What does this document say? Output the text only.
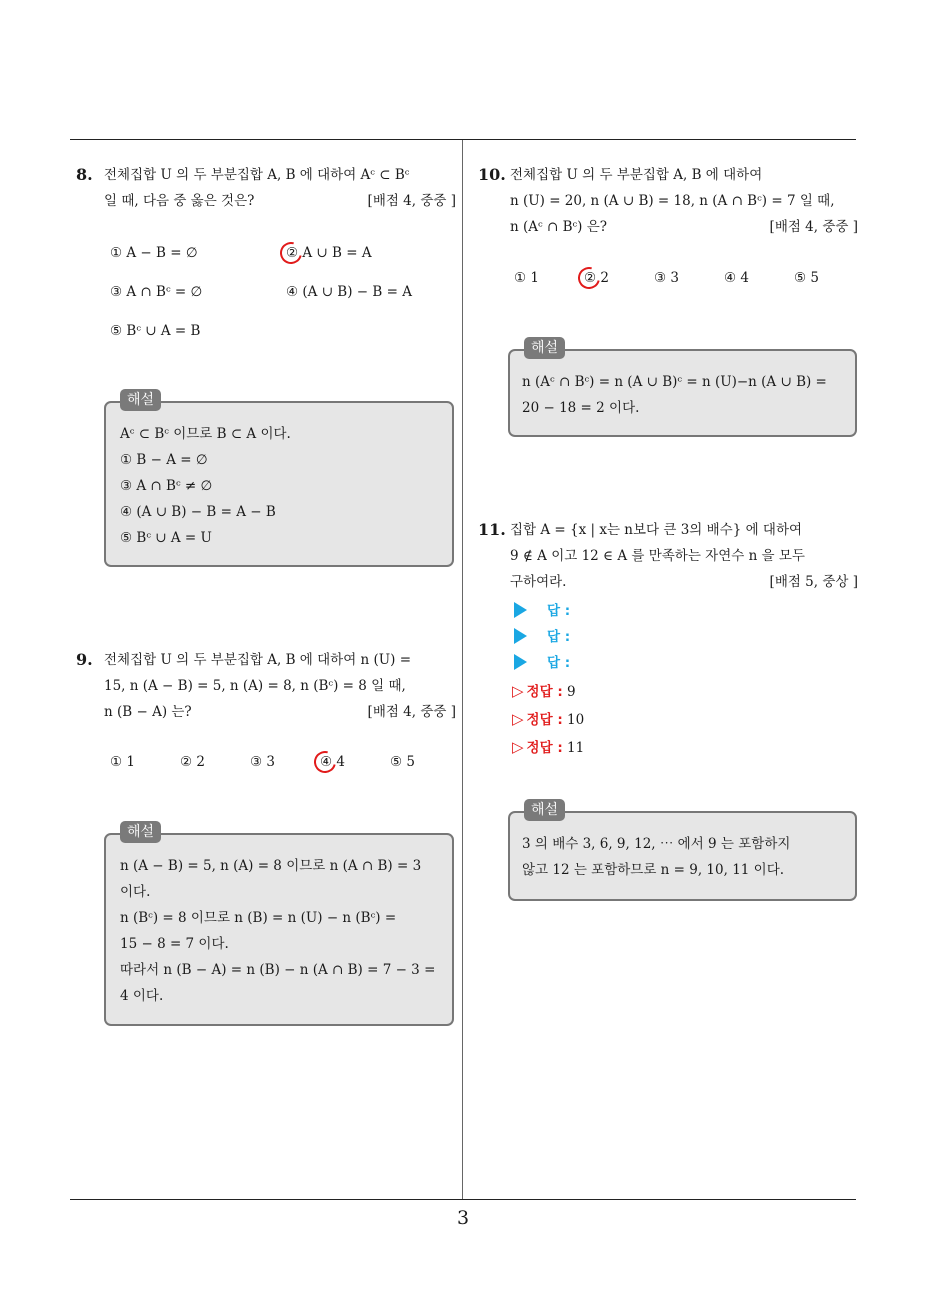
3
8. 전체집합 U 의 두 부분집합 A, B 에 대하여 Aᶜ ⊂ Bᶜ
일 때, 다음 중 옳은 것은?	[배점 4, 중중 ]
① A − B = ∅	② A ∪ B = A
③ A ∩ Bᶜ = ∅	④ (A ∪ B) − B = A
⑤ Bᶜ ∪ A = B
해설
Aᶜ ⊂ Bᶜ 이므로 B ⊂ A 이다.
① B − A = ∅
③ A ∩ Bᶜ ≠ ∅
④ (A ∪ B) − B = A − B
⑤ Bᶜ ∪ A = U
9. 전체집합 U 의 두 부분집합 A, B 에 대하여 n (U) =
15, n (A − B) = 5, n (A) = 8, n (Bᶜ) = 8 일 때,
n (B − A) 는?	[배점 4, 중중 ]
① 1	② 2	③ 3	④ 4	⑤ 5
해설
n (A − B) = 5, n (A) = 8 이므로 n (A ∩ B) = 3
이다.
n (Bᶜ) = 8 이므로 n (B) = n (U) − n (Bᶜ) =
15 − 8 = 7 이다.
따라서 n (B − A) = n (B) − n (A ∩ B) = 7 − 3 =
4 이다.
10. 전체집합 U 의 두 부분집합 A, B 에 대하여
n (U) = 20, n (A ∪ B) = 18, n (A ∩ Bᶜ) = 7 일 때,
n (Aᶜ ∩ Bᶜ) 은?	[배점 4, 중중 ]
① 1	② 2	③ 3	④ 4	⑤ 5
해설
n (Aᶜ ∩ Bᶜ) = n (A ∪ B)ᶜ = n (U)−n (A ∪ B) =
20 − 18 = 2 이다.
11. 집합 A = {x | x는 n보다 큰 3의 배수} 에 대하여
9 ∉ A 이고 12 ∈ A 를 만족하는 자연수 n 을 모두
구하여라.	[배점 5, 중상 ]
답 :
답 :
답 :
▷ 정답 : 9
▷ 정답 : 10
▷ 정답 : 11
해설
3 의 배수 3, 6, 9, 12, ⋯ 에서 9 는 포함하지
않고 12 는 포함하므로 n = 9, 10, 11 이다.
